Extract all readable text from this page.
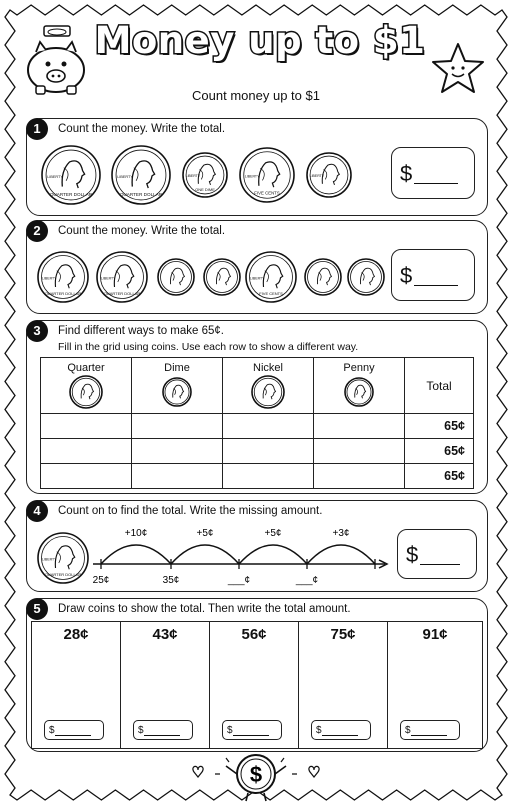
Money up to $1
Count money up to $1
1	Count the money. Write the total.
QUARTER DOLLAR
LIBERTY
QUARTER DOLLAR
LIBERTY
ONE DIME
LIBERTY
FIVE CENTS
LIBERTY	LIBERTY	$
2	Count the money. Write the total.
QUARTER DOLLAR
LIBERTY
QUARTER DOLLAR
LIBERTY
FIVE CENTS
LIBERTY	$
3	Find different ways to make 65¢.
Fill in the grid using coins. Use each row to show a different way.
Quarter	Dime	Nickel	Penny	Total
				65¢
				65¢
				65¢
4	Count on to find the total. Write the missing amount.
QUARTER DOLLAR
LIBERTY
+10¢	+5¢	+5¢	+3¢
25¢	35¢	___¢	___¢
$
5	Draw coins to show the total. Then write the total amount.
28¢
$
43¢
$
56¢
$
75¢
$
91¢
$
$
